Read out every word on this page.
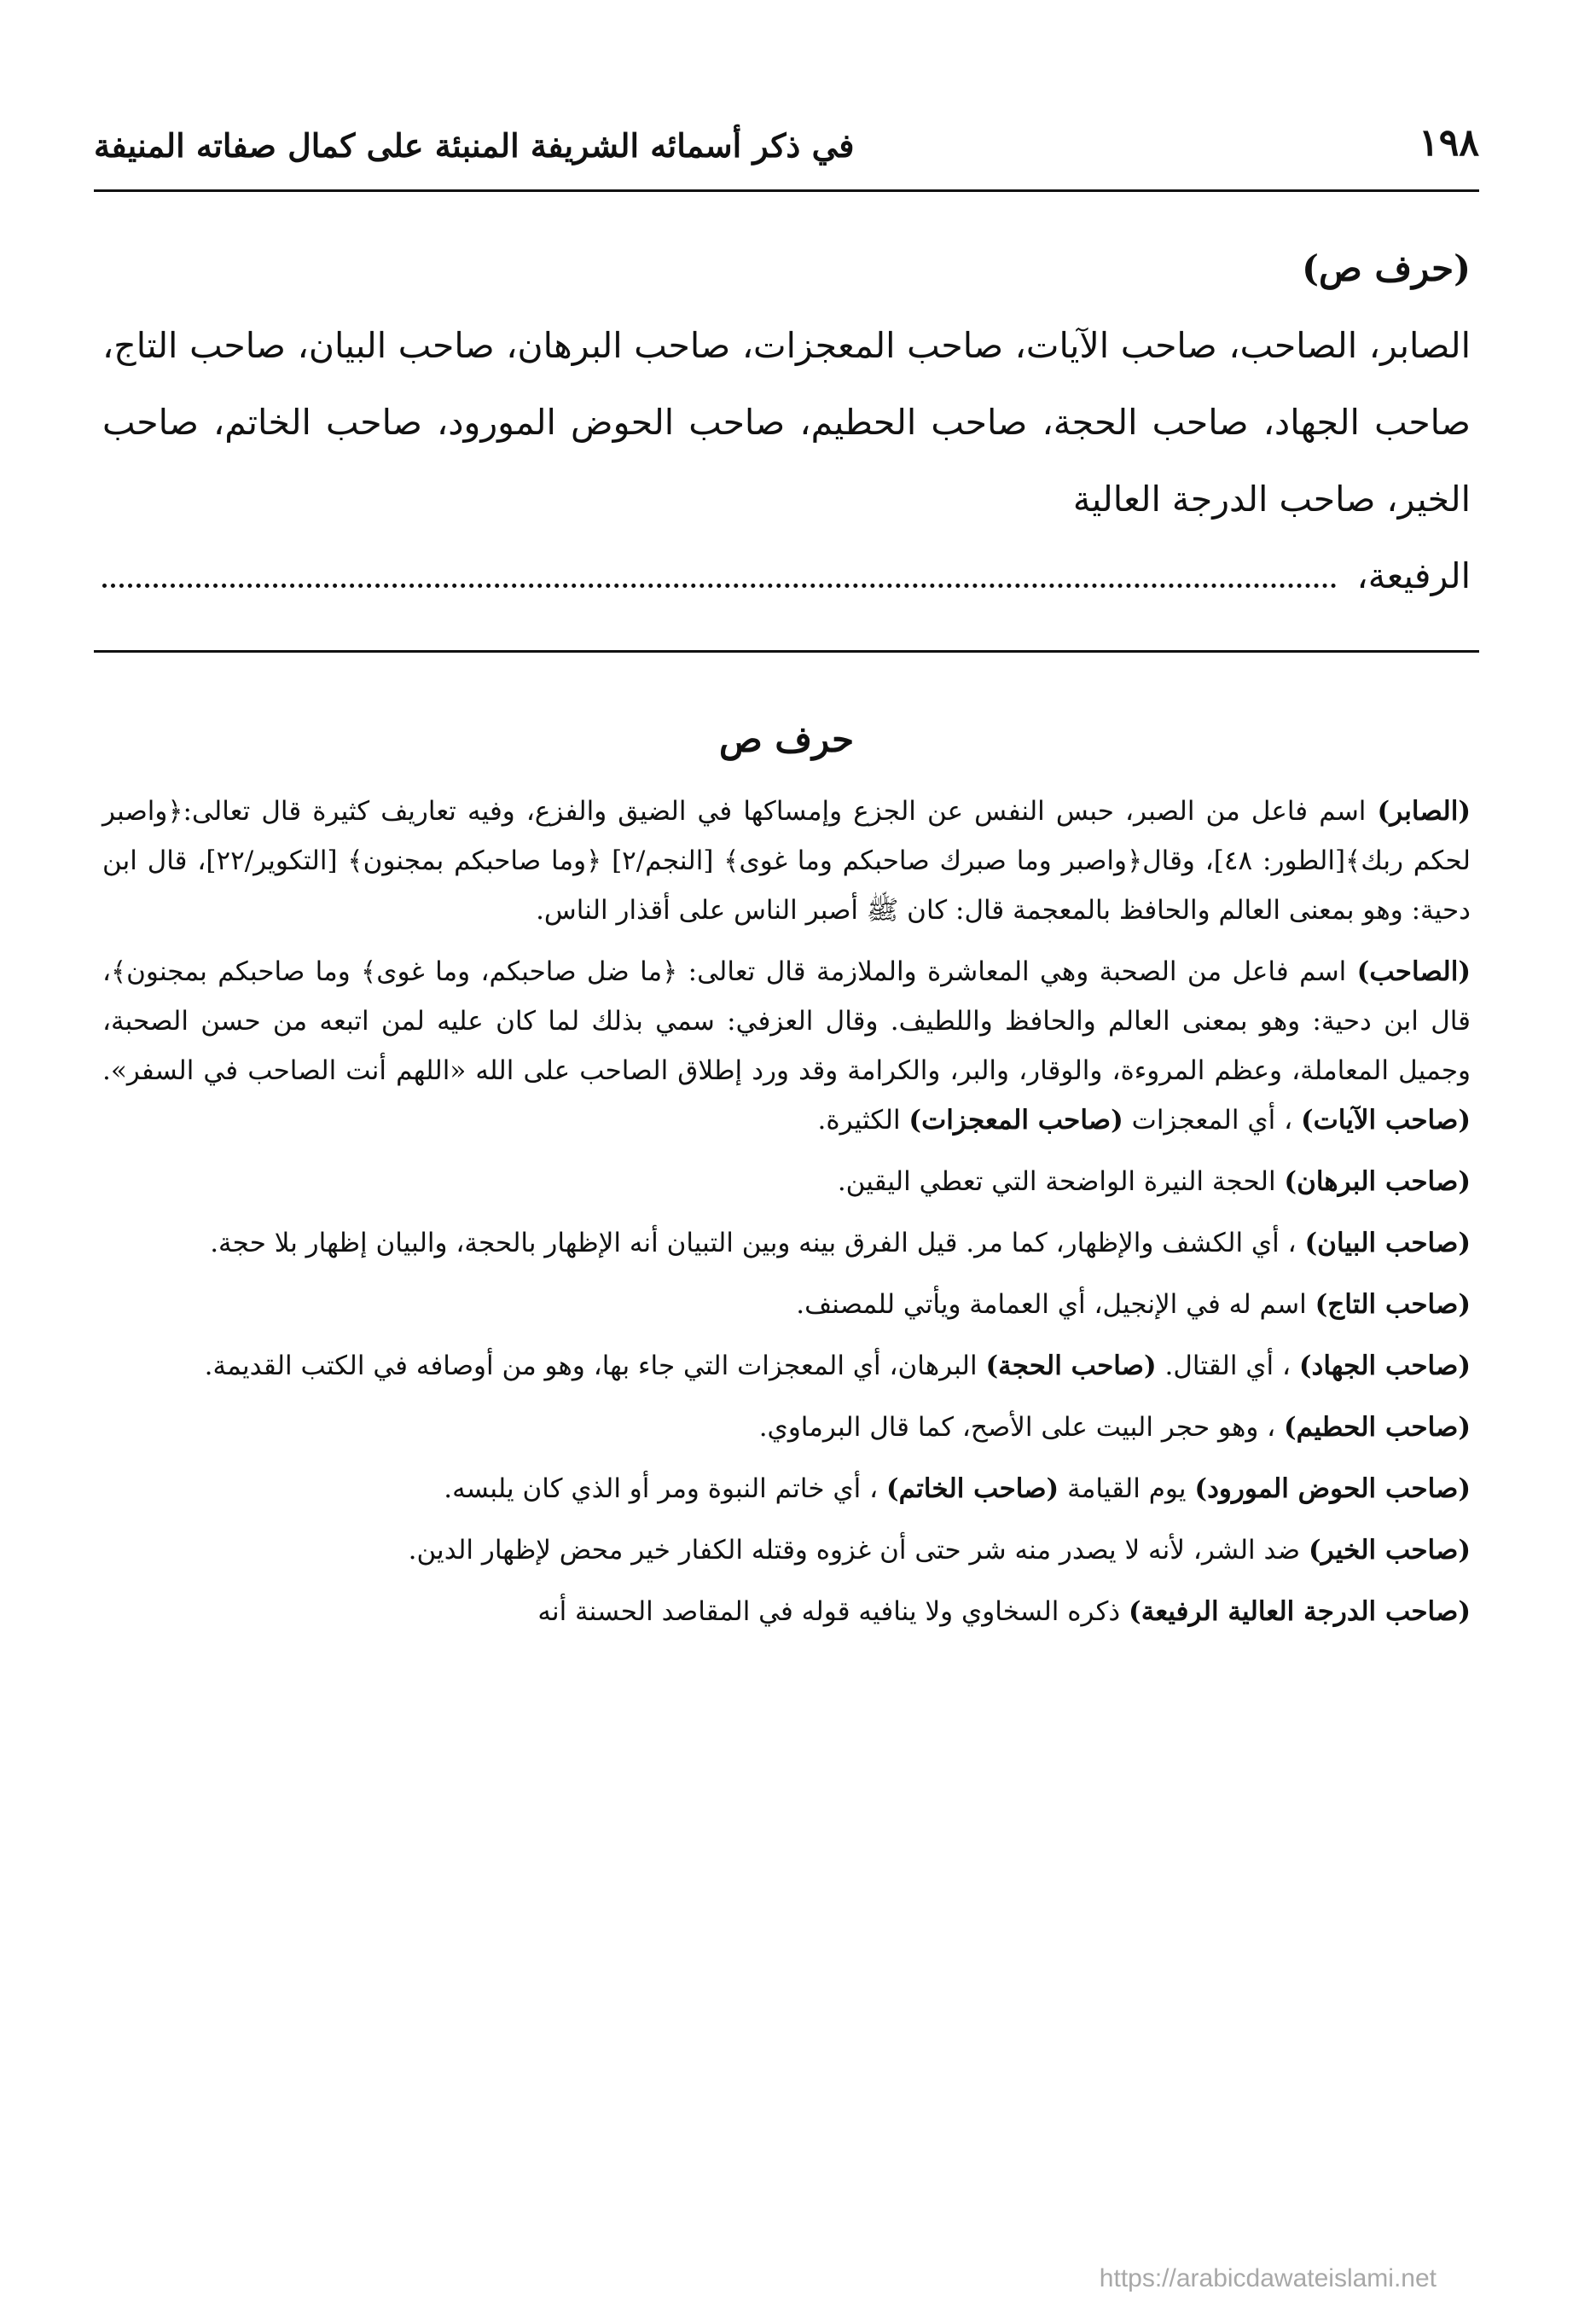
١٩٨
في ذكر أسمائه الشريفة المنبئة على كمال صفاته المنيفة
(حرف ص)

الصابر، الصاحب، صاحب الآيات، صاحب المعجزات، صاحب البرهان، صاحب البيان، صاحب التاج، صاحب الجهاد، صاحب الحجة، صاحب الحطيم، صاحب الحوض المورود، صاحب الخاتم، صاحب الخير، صاحب الدرجة العالية

الرفيعة،
حرف ص

(الصابر) اسم فاعل من الصبر، حبس النفس عن الجزع وإمساكها في الضيق والفزع، وفيه تعاريف كثيرة قال تعالى:﴿واصبر لحكم ربك﴾[الطور: ٤٨]، وقال﴿واصبر وما صبرك صاحبكم وما غوى﴾ [النجم/٢] ﴿وما صاحبكم بمجنون﴾ [التكوير/٢٢]، قال ابن دحية: وهو بمعنى العالم والحافظ بالمعجمة قال: كان ﷺ أصبر الناس على أقذار الناس.

(الصاحب) اسم فاعل من الصحبة وهي المعاشرة والملازمة قال تعالى: ﴿ما ضل صاحبكم، وما غوى﴾ وما صاحبكم بمجنون﴾، قال ابن دحية: وهو بمعنى العالم والحافظ واللطيف. وقال العزفي: سمي بذلك لما كان عليه لمن اتبعه من حسن الصحبة، وجميل المعاملة، وعظم المروءة، والوقار، والبر، والكرامة وقد ورد إطلاق الصاحب على الله «اللهم أنت الصاحب في السفر». (صاحب الآيات) ، أي المعجزات (صاحب المعجزات) الكثيرة.

(صاحب البرهان) الحجة النيرة الواضحة التي تعطي اليقين.

(صاحب البيان) ، أي الكشف والإظهار، كما مر. قيل الفرق بينه وبين التبيان أنه الإظهار بالحجة، والبيان إظهار بلا حجة.

(صاحب التاج) اسم له في الإنجيل، أي العمامة ويأتي للمصنف.

(صاحب الجهاد) ، أي القتال. (صاحب الحجة) البرهان، أي المعجزات التي جاء بها، وهو من أوصافه في الكتب القديمة.

(صاحب الحطيم) ، وهو حجر البيت على الأصح، كما قال البرماوي.

(صاحب الحوض المورود) يوم القيامة (صاحب الخاتم) ، أي خاتم النبوة ومر أو الذي كان يلبسه.

(صاحب الخير) ضد الشر، لأنه لا يصدر منه شر حتى أن غزوه وقتله الكفار خير محض لإظهار الدين.

(صاحب الدرجة العالية الرفيعة) ذكره السخاوي ولا ينافيه قوله في المقاصد الحسنة أنه

https://arabicdawateislami.net
